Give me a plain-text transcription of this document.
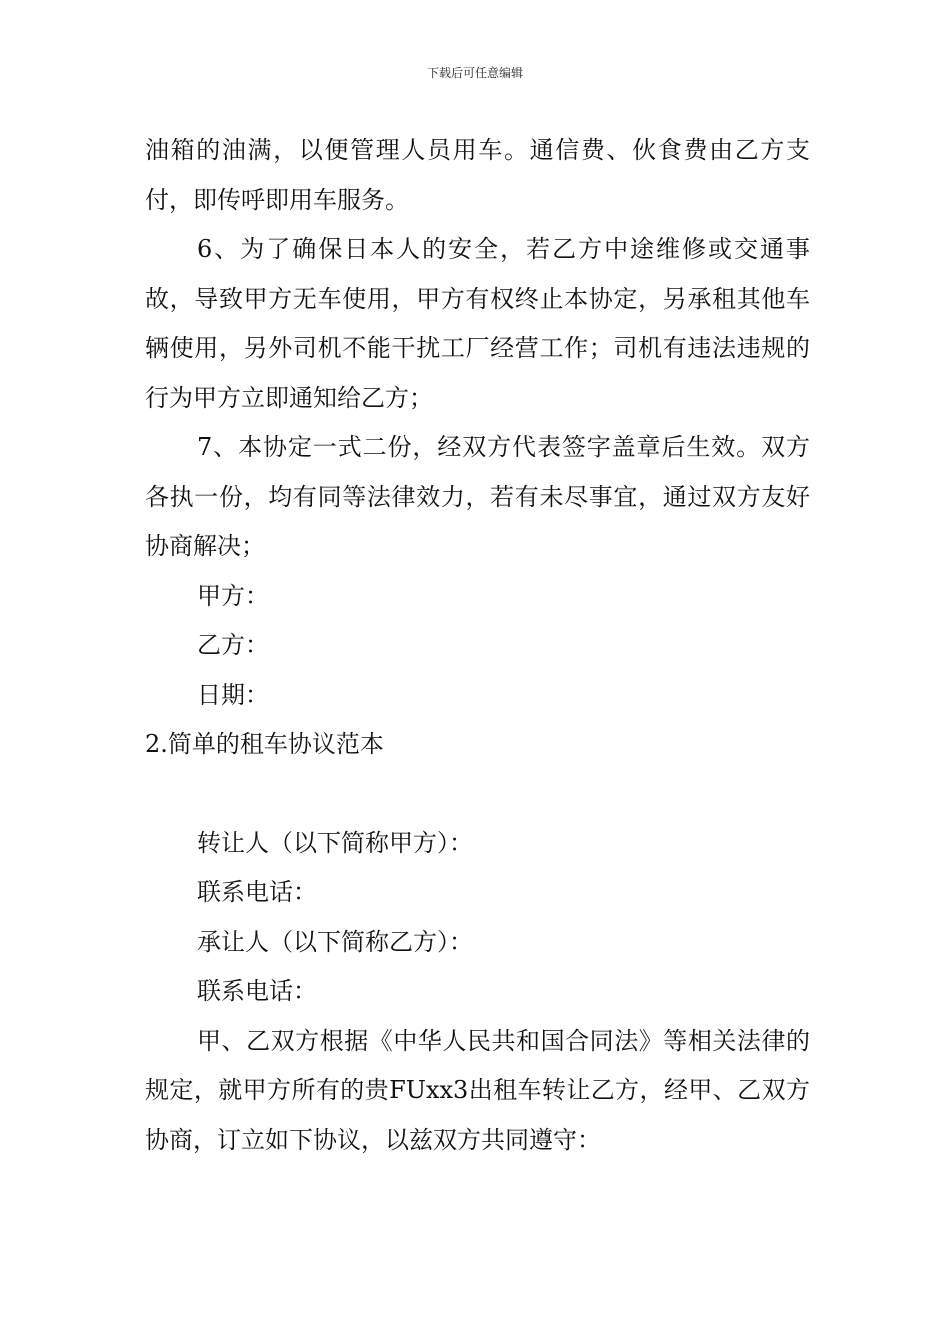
下载后可任意编辑

油箱的油满，以便管理人员用车。通信费、伙食费由乙方支付，即传呼即用车服务。

6、为了确保日本人的安全，若乙方中途维修或交通事故，导致甲方无车使用，甲方有权终止本协定，另承租其他车辆使用，另外司机不能干扰工厂经营工作；司机有违法违规的行为甲方立即通知给乙方；

7、本协定一式二份，经双方代表签字盖章后生效。双方各执一份，均有同等法律效力，若有未尽事宜，通过双方友好协商解决；

甲方：

乙方：

日期：

2.简单的租车协议范本

转让人（以下简称甲方）：

联系电话：

承让人（以下简称乙方）：

联系电话：

甲、乙双方根据《中华人民共和国合同法》等相关法律的规定，就甲方所有的贵FUxx3出租车转让乙方，经甲、乙双方协商，订立如下协议，以兹双方共同遵守：
